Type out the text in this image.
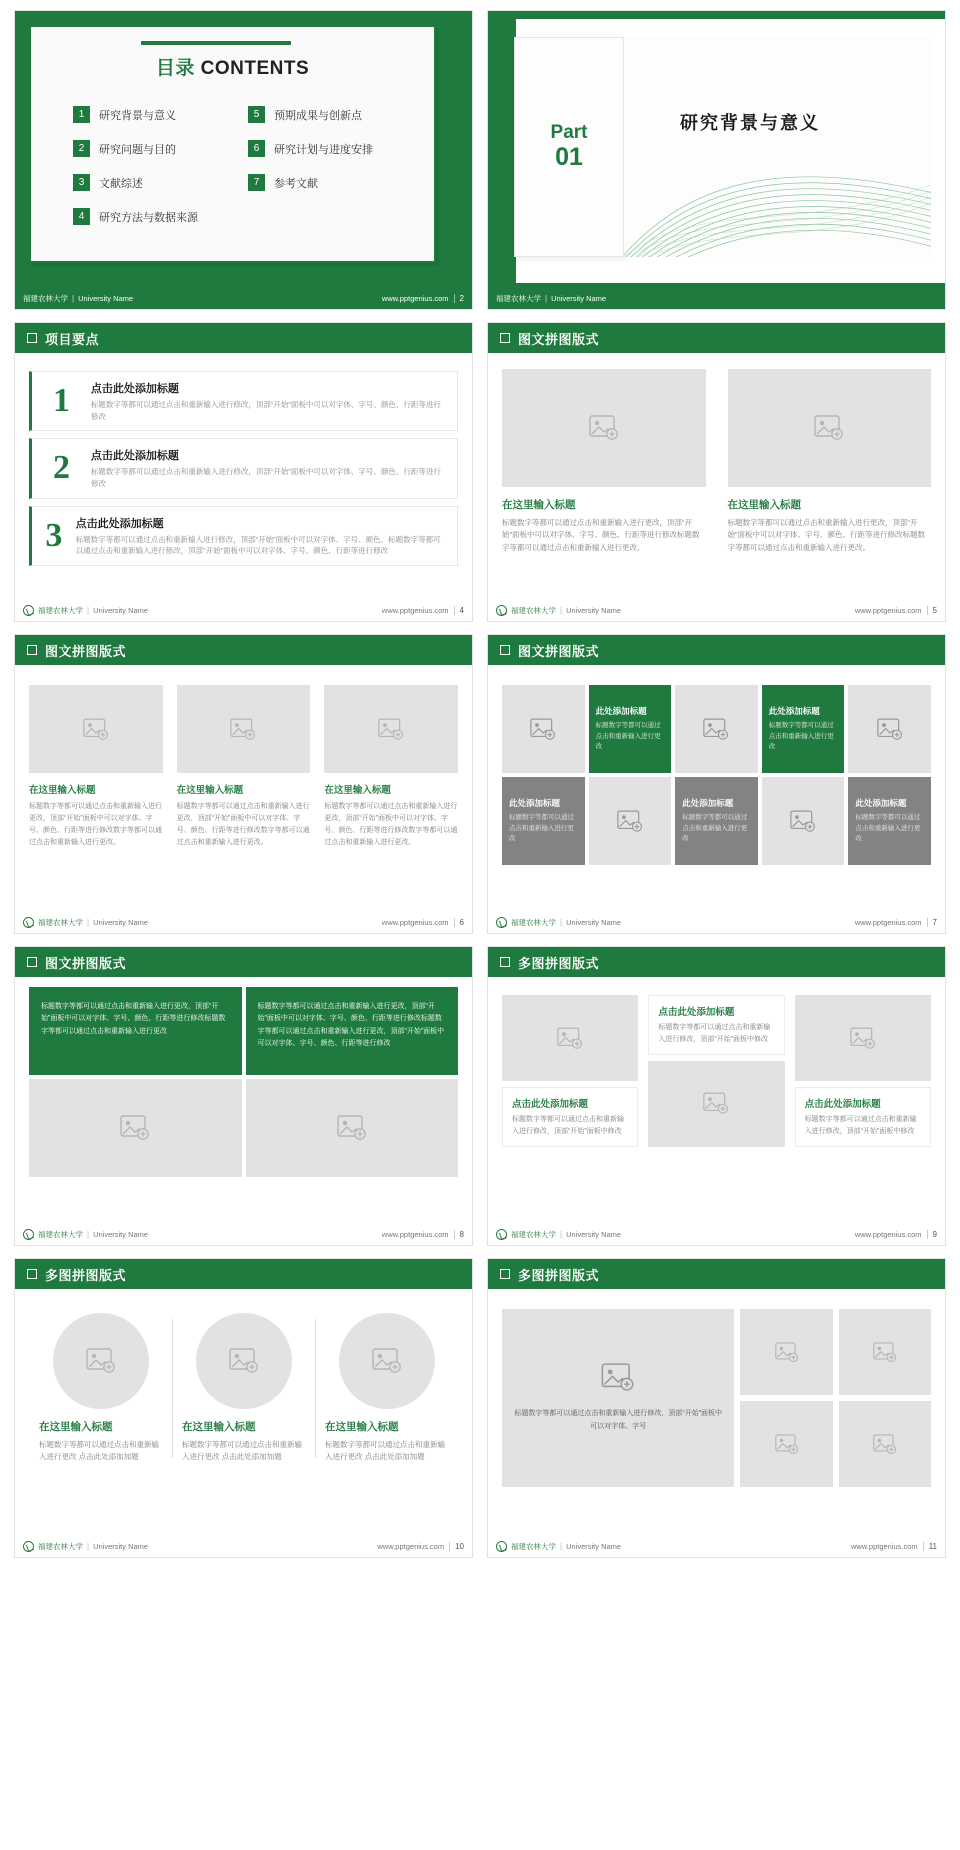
目录 CONTENTS
1	研究背景与意义	5	预期成果与创新点
2	研究问题与目的	6	研究计划与进度安排
3	文献综述	7	参考文献
4	研究方法与数据来源
福建农林大学 | University Name	www.pptgenius.com	2
Part
01
研究背景与意义
福建农林大学 | University Name
项目要点
1	点击此处添加标题
标题数字等都可以通过点击和重新输入进行修改，顶部“开始”面板中可以对字体、字号、颜色、行距等进行修改
2	点击此处添加标题
标题数字等都可以通过点击和重新输入进行修改，顶部“开始”面板中可以对字体、字号、颜色、行距等进行修改
3 点击此处添加标题
标题数字等都可以通过点击和重新输入进行修改，顶部“开始”面板中可以对字体、字号、颜色、标题数字等都可以通过点击和重新输入进行修改，顶部“开始”面板中可以对字体、字号、颜色、行距等进行修改
福建农林大学 | University Name	www.pptgenius.com	4
图文拼图版式
在这里输入标题
标题数字等都可以通过点击和重新输入进行更改，顶部“开始”面板中可以对字体、字号、颜色、行距等进行修改标题数字等都可以通过点击和重新输入进行更改。
在这里输入标题
标题数字等都可以通过点击和重新输入进行更改，顶部“开始”面板中可以对字体、字号、颜色、行距等进行修改标题数字等都可以通过点击和重新输入进行更改。
福建农林大学 | University Name	www.pptgenius.com	5
图文拼图版式
在这里输入标题
标题数字等都可以通过点击和重新输入进行更改，顶部“开始”面板中可以对字体、字号、颜色、行距等进行修改数字等都可以通过点击和重新输入进行更改。
在这里输入标题
标题数字等都可以通过点击和重新输入进行更改，顶部“开始”面板中可以对字体、字号、颜色、行距等进行修改数字等都可以通过点击和重新输入进行更改。
在这里输入标题
标题数字等都可以通过点击和重新输入进行更改，顶部“开始”面板中可以对字体、字号、颜色、行距等进行修改数字等都可以通过点击和重新输入进行更改。
福建农林大学 | University Name	www.pptgenius.com	6
图文拼图版式
此处添加标题
标题数字等都可以通过点击和重新输入进行更改
此处添加标题
标题数字等都可以通过点击和重新输入进行更改
此处添加标题
标题数字等都可以通过点击和重新输入进行更改
此处添加标题
标题数字等都可以通过点击和重新输入进行更改
此处添加标题
标题数字等都可以通过点击和重新输入进行更改
福建农林大学 | University Name	www.pptgenius.com	7
图文拼图版式
标题数字等都可以通过点击和重新输入进行更改，顶部“开始”面板中可以对字体、字号、颜色、行距等进行修改标题数字等都可以通过点击和重新输入进行更改
标题数字等都可以通过点击和重新输入进行更改，顶部“开始”面板中可以对字体、字号、颜色、行距等进行修改标题数字等都可以通过点击和重新输入进行更改，顶部“开始”面板中可以对字体、字号、颜色、行距等进行修改
福建农林大学 | University Name	www.pptgenius.com	8
多图拼图版式
点击此处添加标题
标题数字等都可以通过点击和重新输入进行修改，顶部“开始”面板中修改
点击此处添加标题
标题数字等都可以通过点击和重新输入进行修改，顶部“开始”面板中修改
点击此处添加标题
标题数字等都可以通过点击和重新输入进行修改，顶部“开始”面板中修改
福建农林大学 | University Name	www.pptgenius.com	9
多图拼图版式
在这里输入标题
标题数字等都可以通过点击和重新输入进行更改 点击此处添加加题
在这里输入标题
标题数字等都可以通过点击和重新输入进行更改 点击此处添加加题
在这里输入标题
标题数字等都可以通过点击和重新输入进行更改 点击此处添加加题
福建农林大学 | University Name	www.pptgenius.com	10
多图拼图版式
标题数字等都可以通过点击和重新输入进行修改，顶部“开始”面板中可以对字体、字号
福建农林大学 | University Name	www.pptgenius.com	11
